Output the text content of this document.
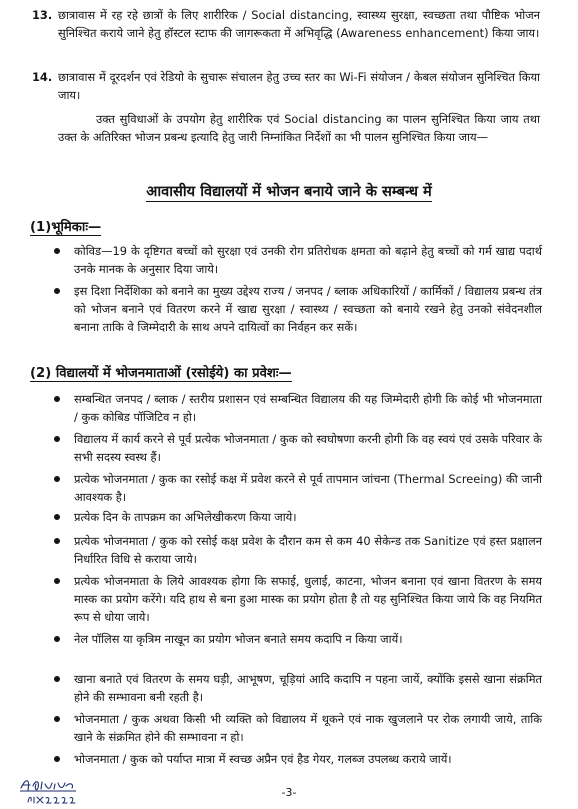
13. छात्रावास में रह रहे छात्रों के लिए शारीरिक / Social distancing, स्वास्थ्य सुरक्षा, स्वच्छता तथा पौष्टिक भोजन सुनिश्चित कराये जाने हेतु हॉस्टल स्टाफ की जागरूकता में अभिवृद्धि (Awareness enhancement) किया जाय।
14. छात्रावास में दूरदर्शन एवं रेडियो के सुचारू संचालन हेतु उच्च स्तर का Wi-Fi संयोजन / केबल संयोजन सुनिश्चित किया जाय।
उक्त सुविधाओं के उपयोग हेतु शारीरिक एवं Social distancing का पालन सुनिश्चित किया जाय तथा उक्त के अतिरिक्त भोजन प्रबन्ध इत्यादि हेतु जारी निम्नांकित निर्देशों का भी पालन सुनिश्चित किया जाय—
आवासीय विद्यालयों में भोजन बनाये जाने के सम्बन्ध में
(1)भूमिकाः—
कोविड—19 के दृष्टिगत बच्चों को सुरक्षा एवं उनकी रोग प्रतिरोधक क्षमता को बढ़ाने हेतु बच्चों को गर्म खाद्य पदार्थ उनके मानक के अनुसार दिया जाये।
इस दिशा निर्देशिका को बनाने का मुख्य उद्देश्य राज्य / जनपद / ब्लाक अधिकारियों / कार्मिकों / विद्यालय प्रबन्ध तंत्र को भोजन बनाने एवं वितरण करने में खाद्य सुरक्षा / स्वास्थ्य / स्वच्छता को बनाये रखने हेतु उनको संवेदनशील बनाना ताकि वे जिम्मेदारी के साथ अपने दायित्वों का निर्वहन कर सकें।
(2) विद्यालयों में भोजनमाताओं (रसोईये) का प्रवेशः—
सम्बन्धित जनपद / ब्लाक / स्तरीय प्रशासन एवं सम्बन्धित विद्यालय की यह जिम्मेदारी होगी कि कोई भी भोजनमाता / कुक कोबिड पॉजिटिव न हो।
विद्यालय में कार्य करने से पूर्व प्रत्येक भोजनमाता / कुक को स्वघोषणा करनी होगी कि वह स्वयं एवं उसके परिवार के सभी सदस्य स्वस्थ हैं।
प्रत्येक भोजनमाता / कुक का रसोई कक्ष में प्रवेश करने से पूर्व तापमान जांचना (Thermal Screeing) की जानी आवश्यक है।
प्रत्येक दिन के तापक्रम का अभिलेखीकरण किया जाये।
प्रत्येक भोजनमाता / कुक को रसोई कक्ष प्रवेश के दौरान कम से कम 40 सेकेन्ड तक Sanitize एवं हस्त प्रक्षालन निर्धारित विधि से कराया जाये।
प्रत्येक भोजनमाता के लिये आवश्यक होगा कि सफाई, धुलाई, काटना, भोजन बनाना एवं खाना वितरण के समय मास्क का प्रयोग करेंगे। यदि हाथ से बना हुआ मास्क का प्रयोग होता है तो यह सुनिश्चित किया जाये कि वह नियमित रूप से धोया जाये।
नेल पॉलिस या कृत्रिम नाखून का प्रयोग भोजन बनाते समय कदापि न किया जायें।
खाना बनाते एवं वितरण के समय घड़ी, आभूषण, चूड़ियां आदि कदापि न पहना जायें, क्योंकि इससे खाना संक्रमित होने की सम्भावना बनी रहती है।
भोजनमाता / कुक अथवा किसी भी व्यक्ति को विद्यालय में थूकने एवं नाक खुजलाने पर रोक लगायी जाये, ताकि खाने के संक्रमित होने की सम्भावना न हो।
भोजनमाता / कुक को पर्याप्त मात्रा में स्वच्छ अप्रैन एवं हैड गेयर, गलब्ज उपलब्ध कराये जायें।
-3-
